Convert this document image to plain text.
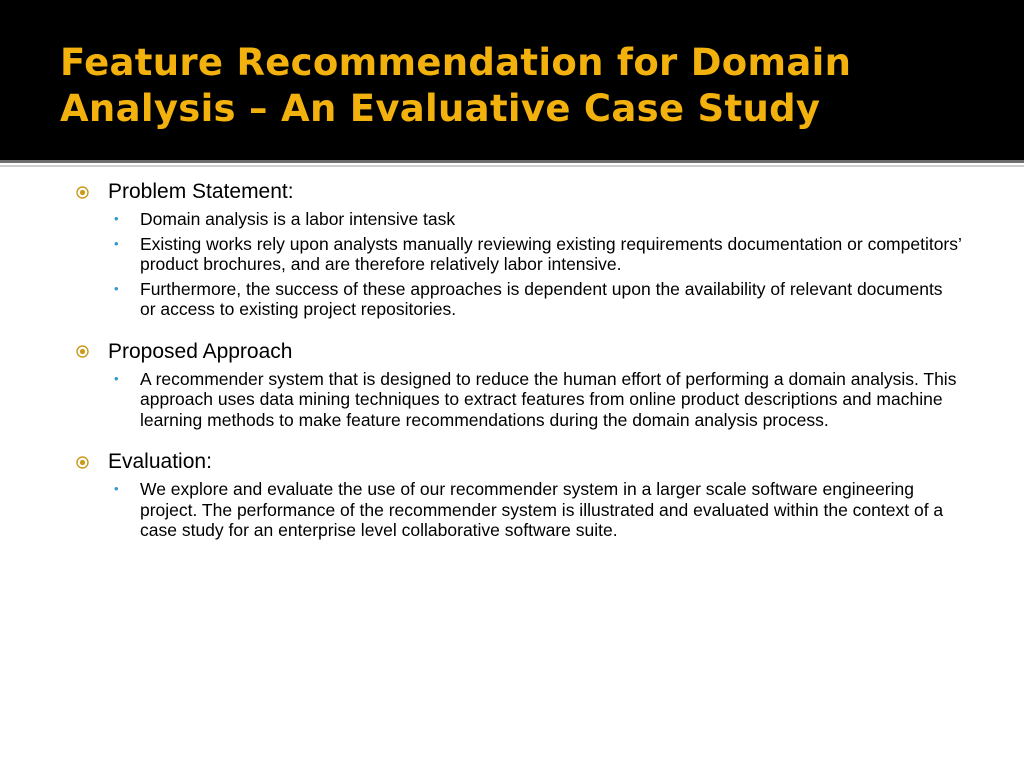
Feature Recommendation for Domain Analysis – An Evaluative Case Study
Problem Statement:
• Domain analysis is a labor intensive task
• Existing works rely upon analysts manually reviewing existing requirements documentation or competitors’ product brochures, and are therefore relatively labor intensive.
• Furthermore, the success of these approaches is dependent upon the availability of relevant documents or access to existing project repositories.
Proposed Approach
• A recommender system that is designed to reduce the human effort of performing a domain analysis. This approach uses data mining techniques to extract features from online product descriptions and machine learning methods to make feature recommendations during the domain analysis process.
Evaluation:
• We explore and evaluate the use of our recommender system in a larger scale software engineering project. The performance of the recommender system is illustrated and evaluated within the context of a case study for an enterprise level collaborative software suite.
